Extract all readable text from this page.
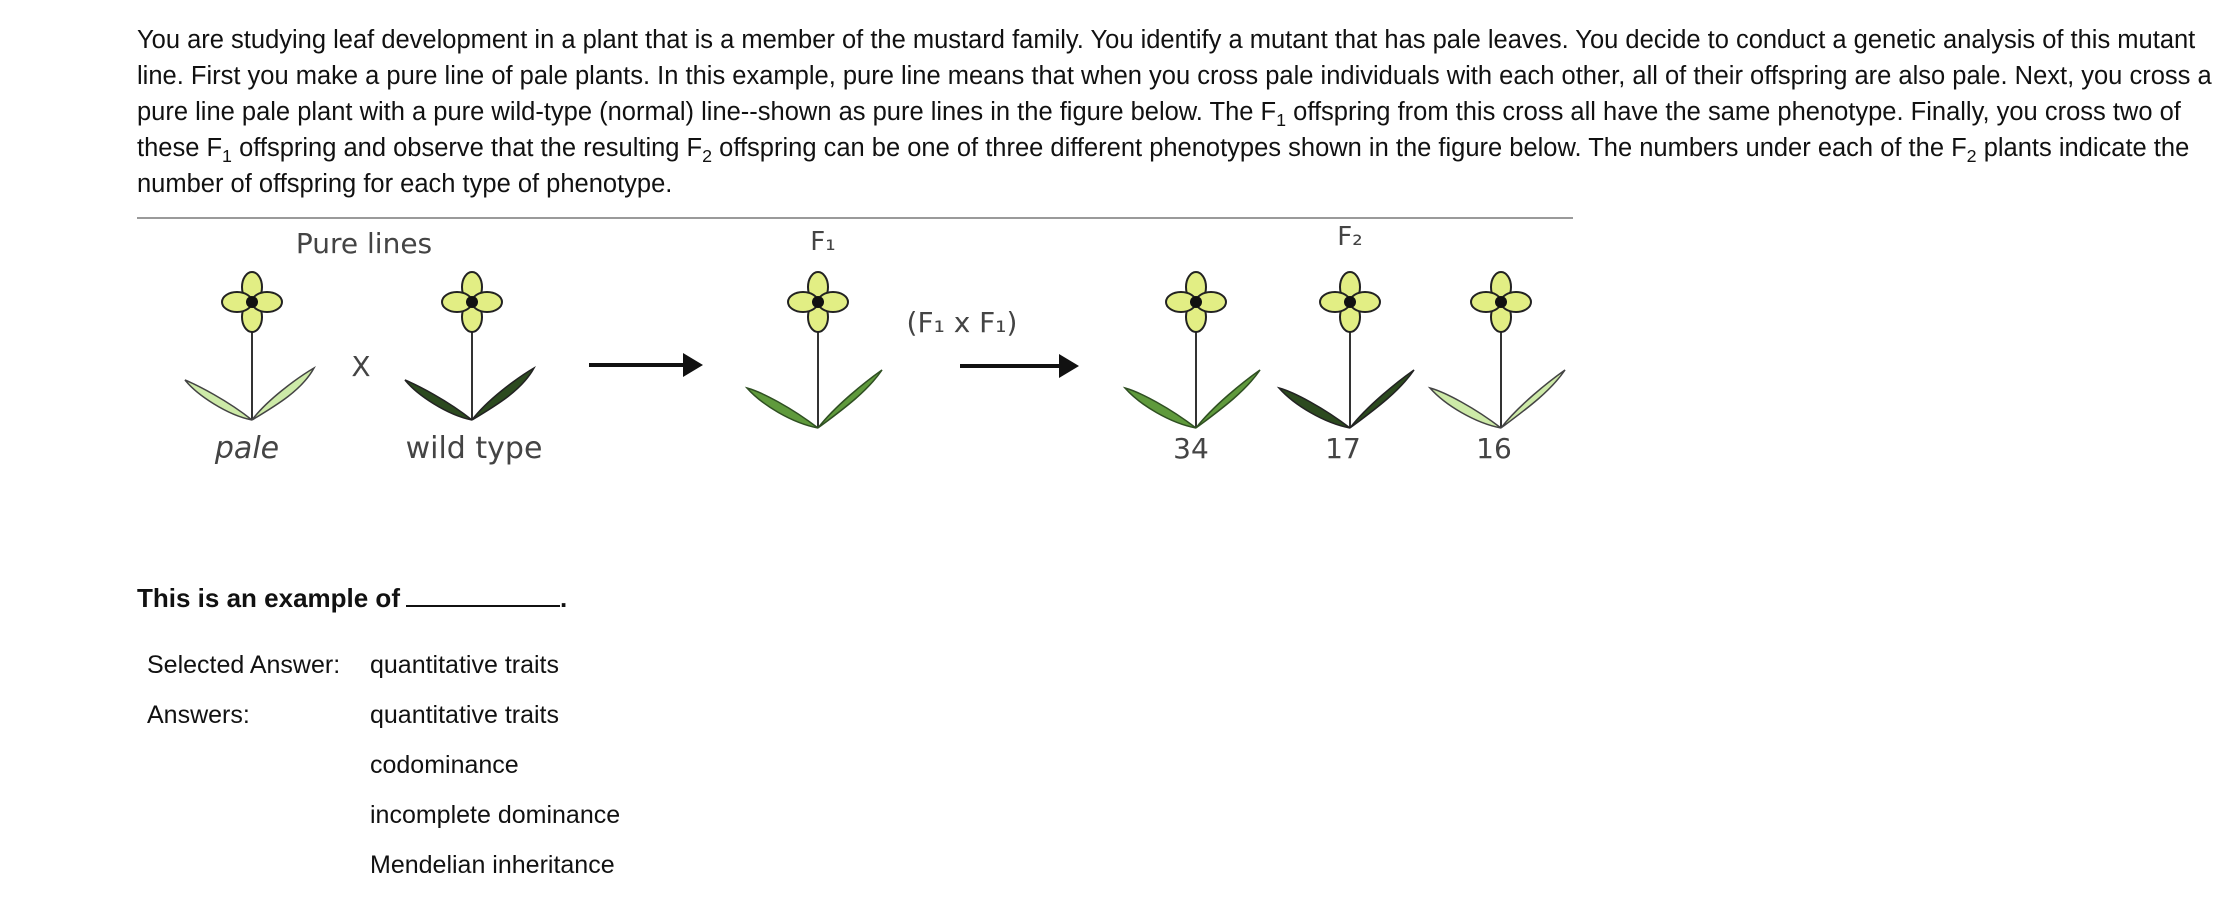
You are studying leaf development in a plant that is a member of the mustard family. You identify a mutant that has pale leaves. You decide to conduct a genetic analysis of this mutant line. First you make a pure line of pale plants. In this example, pure line means that when you cross pale individuals with each other, all of their offspring are also pale. Next, you cross a pure line pale plant with a pure wild-type (normal) line--shown as pure lines in the figure below. The $F_1$ offspring from this cross all have the same phenotype. Finally, you cross two of these $F_1$ offspring and observe that the resulting $F_2$ offspring can be one of three different phenotypes shown in the figure below. The numbers under each of the $F_2$ plants indicate the number of offspring for each type of phenotype.

Pure lines	F₁	F₂
(F₁ x F₁)
X
pale	wild type	34	17	16
This is an example of	.
Selected Answer: quantitative traits
Answers:	quantitative traits
codominance
incomplete dominance
Mendelian inheritance
